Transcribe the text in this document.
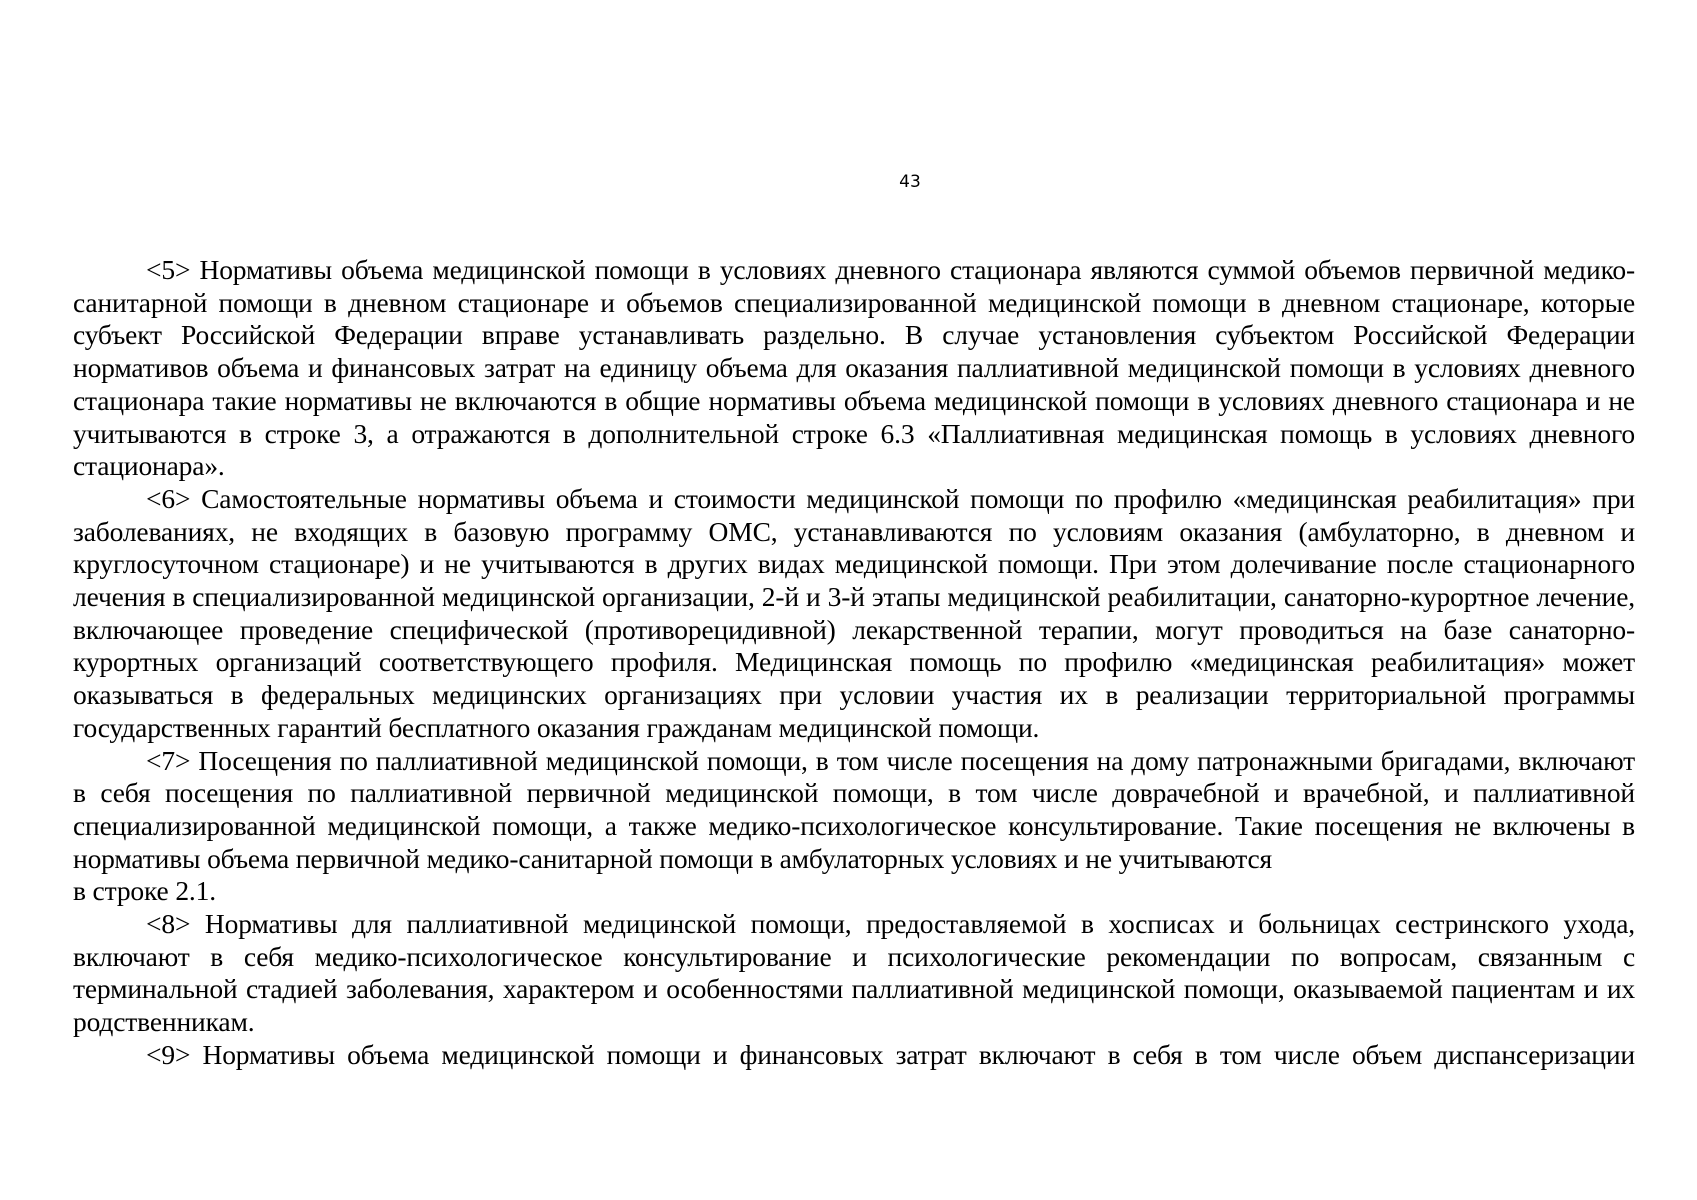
43

<5> Нормативы объема медицинской помощи в условиях дневного стационара являются суммой объемов первичной медико-санитарной помощи в дневном стационаре и объемов специализированной медицинской помощи в дневном стационаре, которые субъект Российской Федерации вправе устанавливать раздельно. В случае установления субъектом Российской Федерации нормативов объема и финансовых затрат на единицу объема для оказания паллиативной медицинской помощи в условиях дневного стационара такие нормативы не включаются в общие нормативы объема медицинской помощи в условиях дневного стационара и не учитываются в строке 3, а отражаются в дополнительной строке 6.3 «Паллиативная медицинская помощь в условиях дневного стационара».

<6> Самостоятельные нормативы объема и стоимости медицинской помощи по профилю «медицинская реабилитация» при заболеваниях, не входящих в базовую программу ОМС, устанавливаются по условиям оказания (амбулаторно, в дневном и круглосуточном стационаре) и не учитываются в других видах медицинской помощи. При этом долечивание после стационарного лечения в специализированной медицинской организации, 2-й и 3-й этапы медицинской реабилитации, санаторно-курортное лечение, включающее проведение специфической (противорецидивной) лекарственной терапии, могут проводиться на базе санаторно-курортных организаций соответствующего профиля. Медицинская помощь по профилю «медицинская реабилитация» может оказываться в федеральных медицинских организациях при условии участия их в реализации территориальной программы государственных гарантий бесплатного оказания гражданам медицинской помощи.

<7> Посещения по паллиативной медицинской помощи, в том числе посещения на дому патронажными бригадами, включают в себя посещения по паллиативной первичной медицинской помощи, в том числе доврачебной и врачебной, и паллиативной специализированной медицинской помощи, а также медико-психологическое консультирование. Такие посещения не включены в нормативы объема первичной медико-санитарной помощи в амбулаторных условиях и не учитываются

в строке 2.1.

<8> Нормативы для паллиативной медицинской помощи, предоставляемой в хосписах и больницах сестринского ухода, включают в себя медико-психологическое консультирование и психологические рекомендации по вопросам, связанным с терминальной стадией заболевания, характером и особенностями паллиативной медицинской помощи, оказываемой пациентам и их родственникам.

<9> Нормативы объема медицинской помощи и финансовых затрат включают в себя в том числе объем диспансеризации
